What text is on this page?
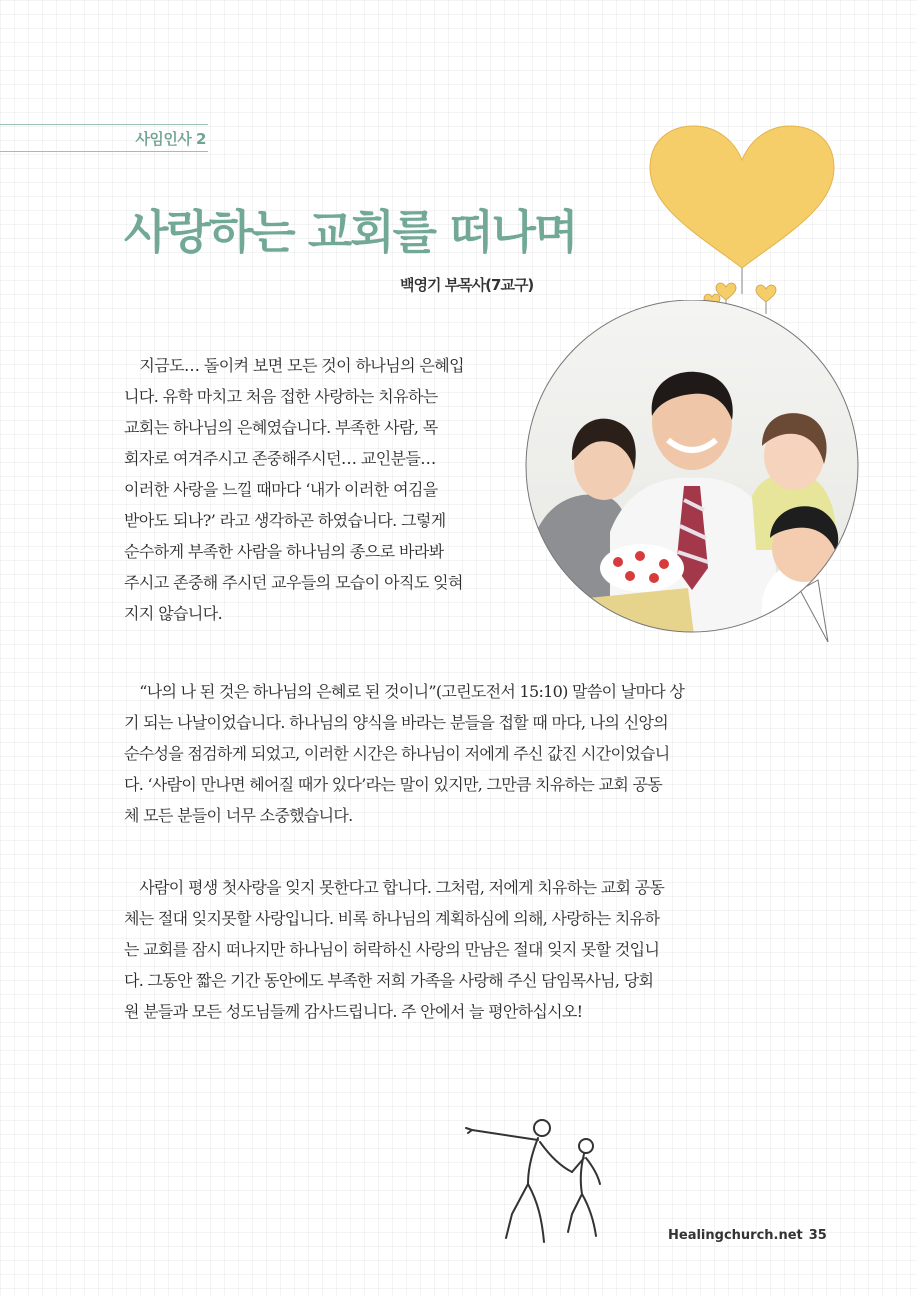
사임인사 2
사랑하는 교회를 떠나며
백영기 부목사(7교구)

　지금도… 돌이켜 보면 모든 것이 하나님의 은혜입

니다. 유학 마치고 처음 접한 사랑하는 치유하는

교회는 하나님의 은혜였습니다. 부족한 사람, 목

회자로 여겨주시고 존중해주시던… 교인분들…

이러한 사랑을 느낄 때마다 ‘내가 이러한 여김을

받아도 되나?’ 라고 생각하곤 하였습니다. 그렇게

순수하게 부족한 사람을 하나님의 종으로 바라봐

주시고 존중해 주시던 교우들의 모습이 아직도 잊혀

지지 않습니다.

　“나의 나 된 것은 하나님의 은혜로 된 것이니”(고린도전서 15:10) 말씀이 날마다 상

기 되는 나날이었습니다. 하나님의 양식을 바라는 분들을 접할 때 마다, 나의 신앙의

순수성을 점검하게 되었고, 이러한 시간은 하나님이 저에게 주신 값진 시간이었습니

다. ‘사람이 만나면 헤어질 때가 있다’라는 말이 있지만, 그만큼 치유하는 교회 공동

체 모든 분들이 너무 소중했습니다.

　사람이 평생 첫사랑을 잊지 못한다고 합니다. 그처럼, 저에게 치유하는 교회 공동

체는 절대 잊지못할 사랑입니다. 비록 하나님의 계획하심에 의해, 사랑하는 치유하

는 교회를 잠시 떠나지만 하나님이 허락하신 사랑의 만남은 절대 잊지 못할 것입니

다. 그동안 짧은 기간 동안에도 부족한 저희 가족을 사랑해 주신 담임목사님, 당회

원 분들과 모든 성도님들께 감사드립니다. 주 안에서 늘 평안하십시오!

Healingchurch.net 35
